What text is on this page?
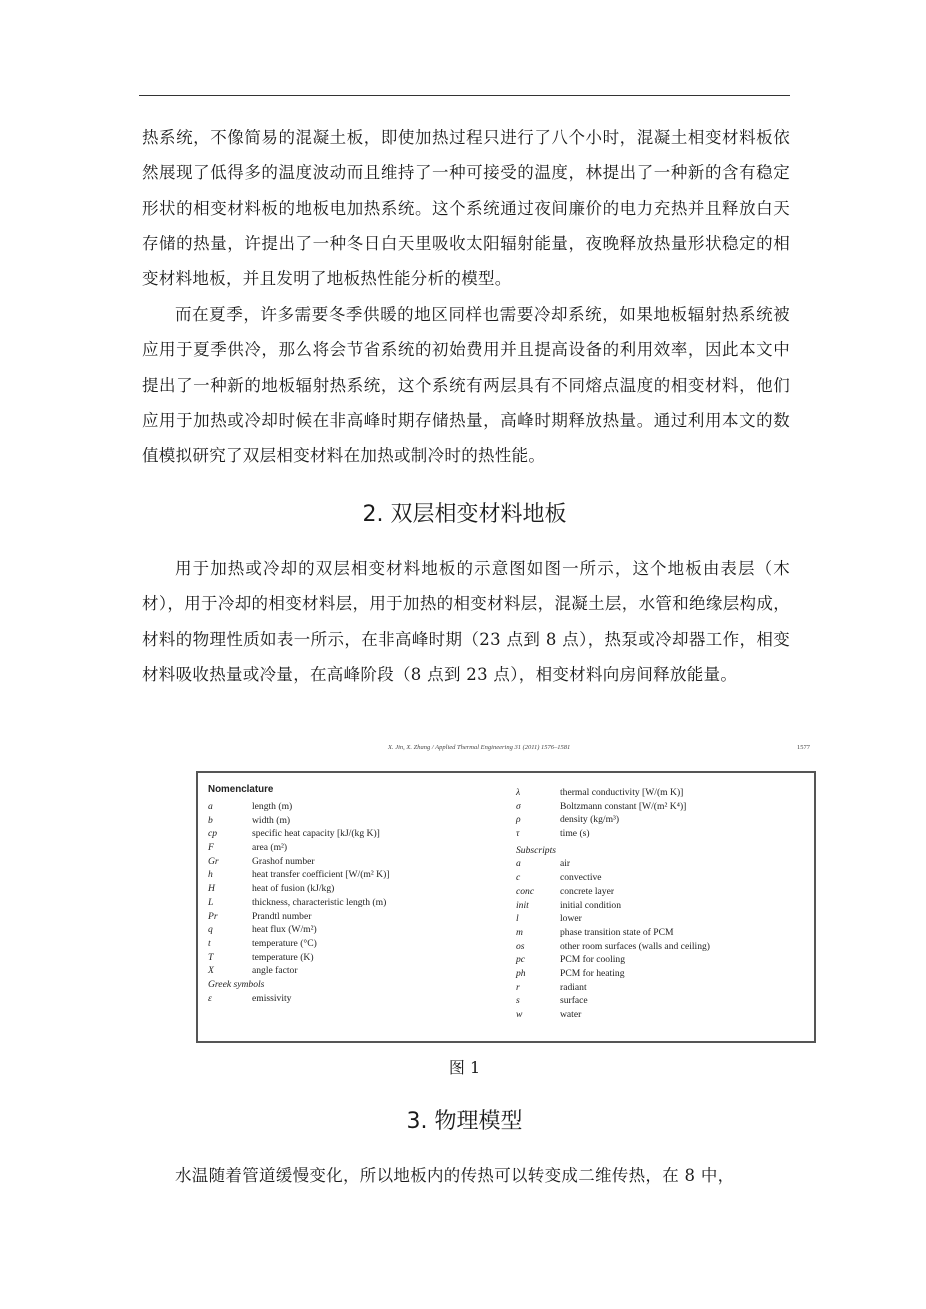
热系统，不像简易的混凝土板，即使加热过程只进行了八个小时，混凝土相变材料板依然展现了低得多的温度波动而且维持了一种可接受的温度，林提出了一种新的含有稳定形状的相变材料板的地板电加热系统。这个系统通过夜间廉价的电力充热并且释放白天存储的热量，许提出了一种冬日白天里吸收太阳辐射能量，夜晚释放热量形状稳定的相变材料地板，并且发明了地板热性能分析的模型。

而在夏季，许多需要冬季供暖的地区同样也需要冷却系统，如果地板辐射热系统被应用于夏季供冷，那么将会节省系统的初始费用并且提高设备的利用效率，因此本文中提出了一种新的地板辐射热系统，这个系统有两层具有不同熔点温度的相变材料，他们应用于加热或冷却时候在非高峰时期存储热量，高峰时期释放热量。通过利用本文的数值模拟研究了双层相变材料在加热或制冷时的热性能。

2. 双层相变材料地板

用于加热或冷却的双层相变材料地板的示意图如图一所示，这个地板由表层（木材），用于冷却的相变材料层，用于加热的相变材料层，混凝土层，水管和绝缘层构成，材料的物理性质如表一所示，在非高峰时期（23 点到 8 点），热泵或冷却器工作，相变材料吸收热量或冷量，在高峰阶段（8 点到 23 点），相变材料向房间释放能量。

X. Jin, X. Zhang / Applied Thermal Engineering 31 (2011) 1576–1581	1577
Nomenclature
a	length (m)
b	width (m)
cp	specific heat capacity [kJ/(kg K)]
F	area (m²)
Gr	Grashof number
h	heat transfer coefficient [W/(m² K)]
H	heat of fusion (kJ/kg)
L	thickness, characteristic length (m)
Pr	Prandtl number
q	heat flux (W/m²)
t	temperature (°C)
T	temperature (K)
X	angle factor
Greek symbols
ε	emissivity
λ	thermal conductivity [W/(m K)]
σ	Boltzmann constant [W/(m² K⁴)]
ρ	density (kg/m³)
τ	time (s)
Subscripts
a	air
c	convective
conc	concrete layer
init	initial condition
l	lower
m	phase transition state of PCM
os	other room surfaces (walls and ceiling)
pc	PCM for cooling
ph	PCM for heating
r	radiant
s	surface
w	water

图 1

3. 物理模型

水温随着管道缓慢变化，所以地板内的传热可以转变成二维传热，在 8 中，
